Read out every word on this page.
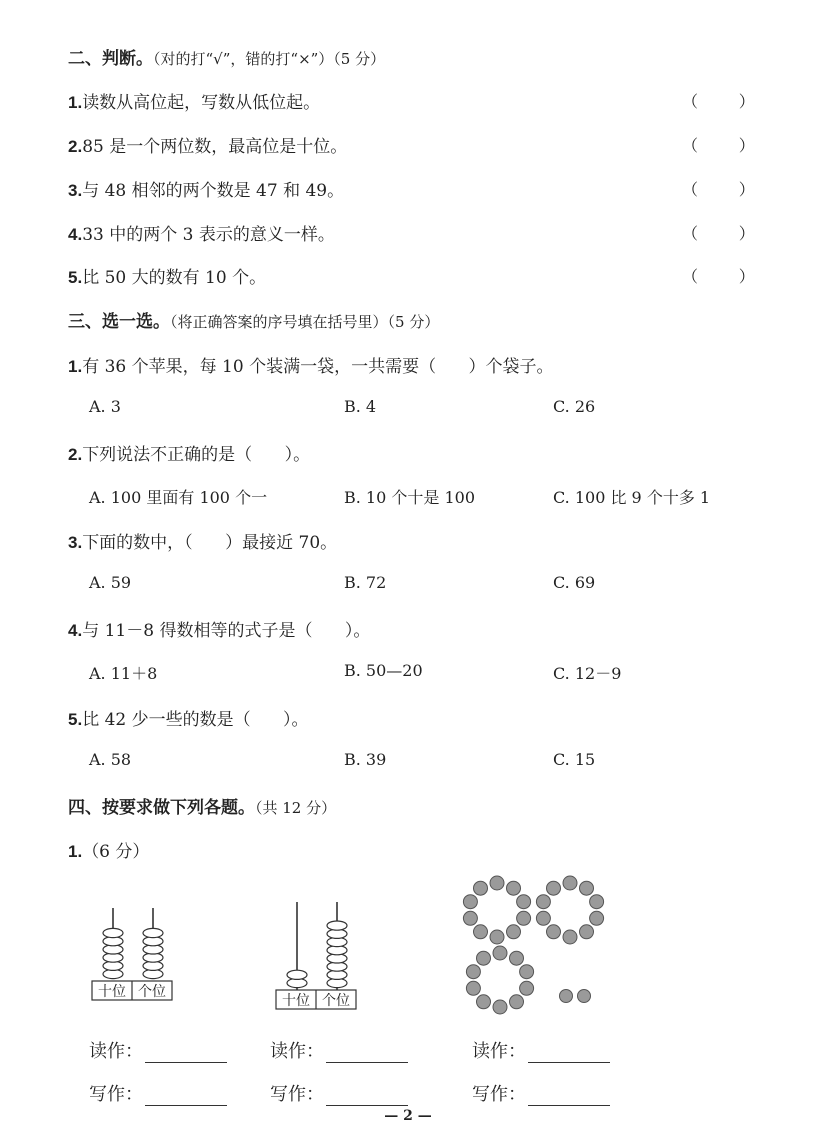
二、判断。（对的打“√”，错的打“×”）（5 分）
1.读数从高位起，写数从低位起。	（        ）
2.85 是一个两位数，最高位是十位。	（        ）
3.与 48 相邻的两个数是 47 和 49。	（        ）
4.33 中的两个 3 表示的意义一样。	（        ）
5.比 50 大的数有 10 个。	（        ）
三、选一选。（将正确答案的序号填在括号里）（5 分）
1.有 36 个苹果，每 10 个装满一袋，一共需要（      ）个袋子。
A. 3	B. 4	C. 26
2.下列说法不正确的是（      ）。
A. 100 里面有 100 个一	B. 10 个十是 100	C. 100 比 9 个十多 1
3.下面的数中，（      ）最接近 70。
A. 59	B. 72	C. 69
4.与 11－8 得数相等的式子是（      ）。
A. 11＋8	B. 50—20	C. 12－9
5.比 42 少一些的数是（      ）。
A. 58	B. 39	C. 15
四、按要求做下列各题。（共 12 分）
1.（6 分）
十位 个位
十位 个位
读作：	读作：	读作：
写作：	写作：	写作：
— 2 —
